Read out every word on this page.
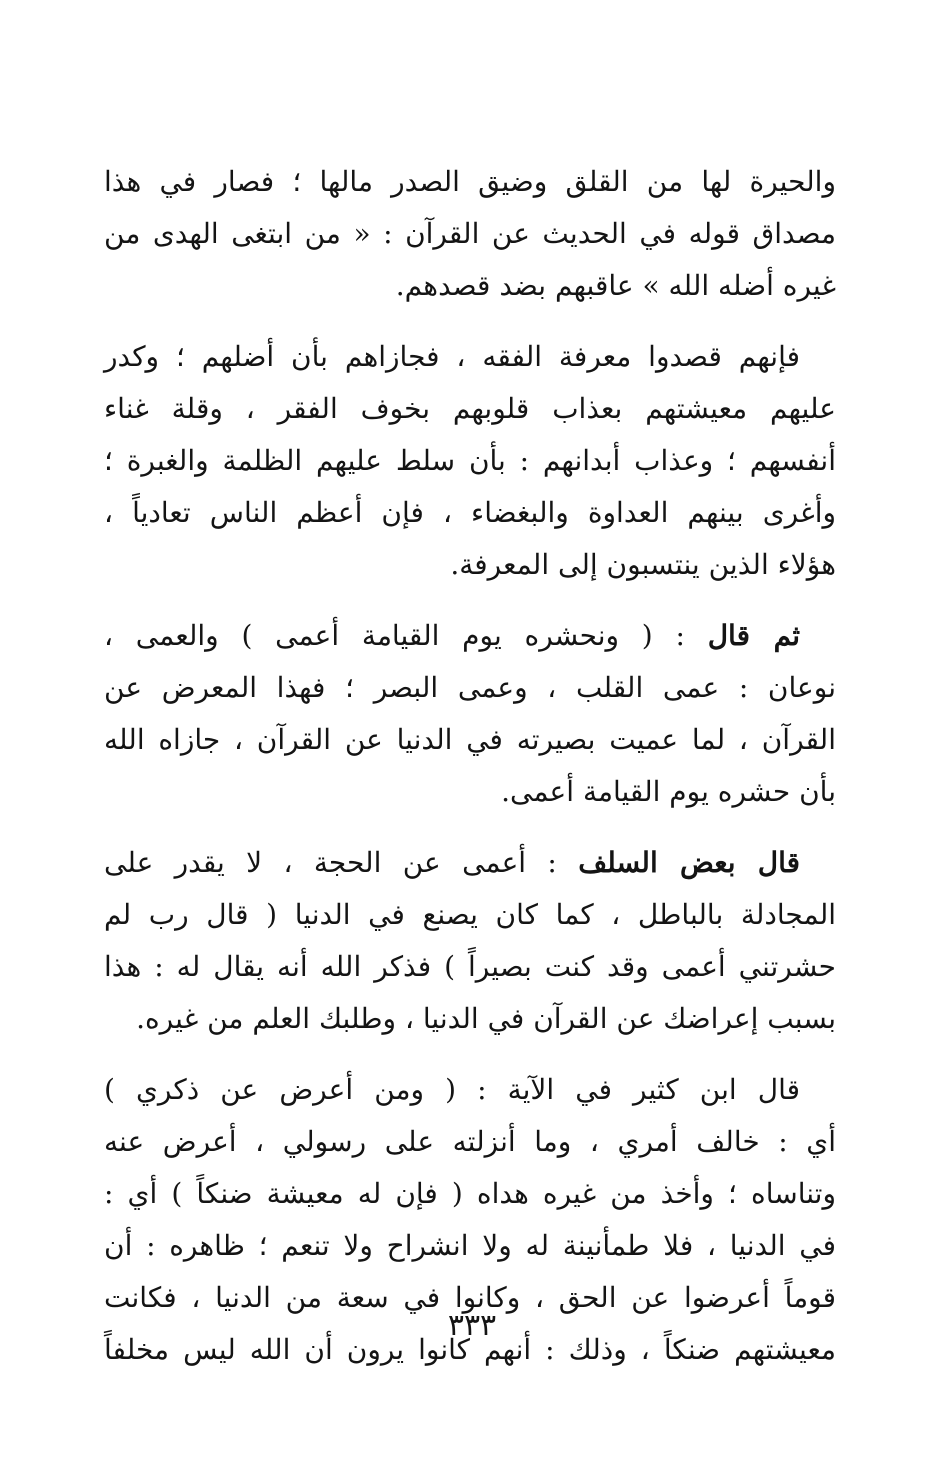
والحيرة لها من القلق وضيق الصدر مالها ؛ فصار في هذا
مصداق قوله في الحديث عن القرآن : « من ابتغى الهدى من
غيره أضله الله » عاقبهم بضد قصدهم.
فإنهم قصدوا معرفة الفقه ، فجازاهم بأن أضلهم ؛ وكدر
عليهم معيشتهم بعذاب قلوبهم بخوف الفقر ، وقلة غناء
أنفسهم ؛ وعذاب أبدانهم : بأن سلط عليهم الظلمة والغبرة ؛
وأغرى بينهم العداوة والبغضاء ، فإن أعظم الناس تعادياً ،
هؤلاء الذين ينتسبون إلى المعرفة.
ثم قال : ( ونحشره يوم القيامة أعمى ) والعمى ،
نوعان : عمى القلب ، وعمى البصر ؛ فهذا المعرض عن
القرآن ، لما عميت بصيرته في الدنيا عن القرآن ، جازاه الله
بأن حشره يوم القيامة أعمى.
قال بعض السلف : أعمى عن الحجة ، لا يقدر على
المجادلة بالباطل ، كما كان يصنع في الدنيا ( قال رب لم
حشرتني أعمى وقد كنت بصيراً ) فذكر الله أنه يقال له : هذا
بسبب إعراضك عن القرآن في الدنيا ، وطلبك العلم من غيره.
قال ابن كثير في الآية : ( ومن أعرض عن ذكري )
أي : خالف أمري ، وما أنزلته على رسولي ، أعرض عنه
وتناساه ؛ وأخذ من غيره هداه ( فإن له معيشة ضنكاً ) أي :
في الدنيا ، فلا طمأنينة له ولا انشراح ولا تنعم ؛ ظاهره : أن
قوماً أعرضوا عن الحق ، وكانوا في سعة من الدنيا ، فكانت
معيشتهم ضنكاً ، وذلك : أنهم كانوا يرون أن الله ليس مخلفاً
٣٣٣
